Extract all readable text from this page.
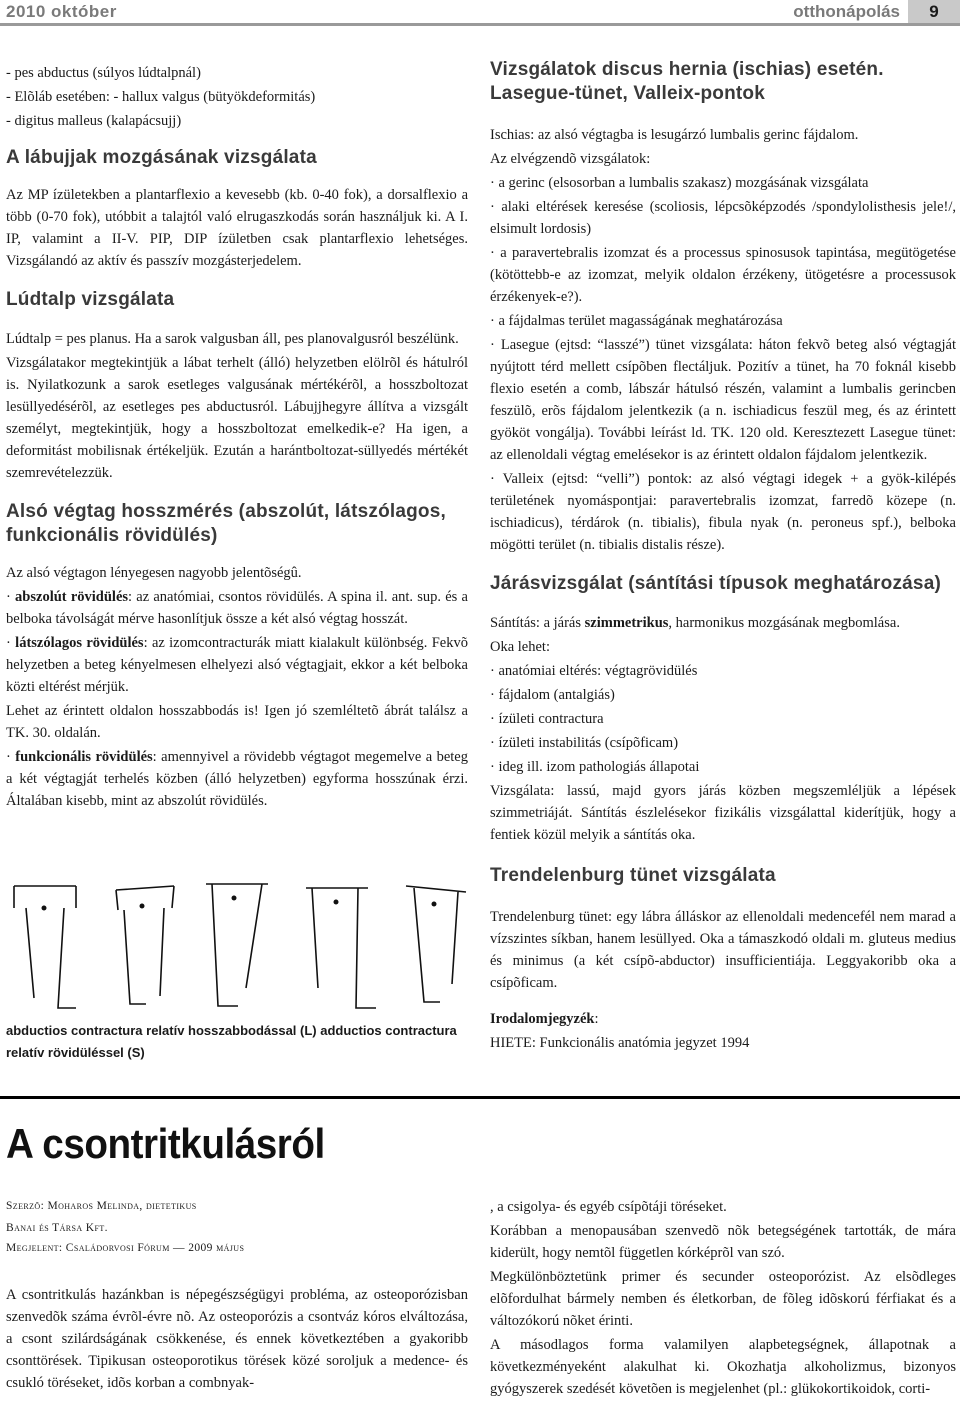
2010 október	otthonápolás	9

- pes abductus (súlyos lúdtalpnál)

- Elõláb esetében: - hallux valgus (bütyökdeformitás)

- digitus malleus (kalapácsujj)

A lábujjak mozgásának vizsgálata

Az MP ízületekben a plantarflexio a kevesebb (kb. 0-40 fok), a dorsalflexio a több (0-70 fok), utóbbit a talajtól való elrugaszkodás során használjuk ki. A I. IP, valamint a II-V. PIP, DIP ízületben csak plantarflexio lehetséges. Vizsgálandó az aktív és passzív mozgásterjedelem.

Lúdtalp vizsgálata

Lúdtalp = pes planus. Ha a sarok valgusban áll, pes planovalgusról beszélünk.

Vizsgálatakor megtekintjük a lábat terhelt (álló) helyzetben elölrõl és hátulról is. Nyilatkozunk a sarok esetleges valgusának mértékérõl, a hosszboltozat lesüllyedésérõl, az esetleges pes abductusról. Lábujjhegyre állítva a vizsgált személyt, megtekintjük, hogy a hosszboltozat emelkedik-e? Ha igen, a deformitást mobilisnak értékeljük. Ezután a harántboltozat-süllyedés mértékét szemrevételezzük.

Alsó végtag hosszmérés (abszolút, látszólagos, funkcionális rövidülés)

Az alsó végtagon lényegesen nagyobb jelentõségû.

· abszolút rövidülés: az anatómiai, csontos rövidülés. A spina il. ant. sup. és a belboka távolságát mérve hasonlítjuk össze a két alsó végtag hosszát.

· látszólagos rövidülés: az izomcontracturák miatt kialakult különbség. Fekvõ helyzetben a beteg kényelmesen elhelyezi alsó végtagjait, ekkor a két belboka közti eltérést mérjük.

Lehet az érintett oldalon hosszabbodás is! Igen jó szemléltetõ ábrát találsz a TK. 30. oldalán.

· funkcionális rövidülés: amennyivel a rövidebb végtagot megemelve a beteg a két végtagját terhelés közben (álló helyzetben) egyforma hosszúnak érzi. Általában kisebb, mint az abszolút rövidülés.

abductios contractura relatív hosszabbodással (L) adductios contractura relatív rövidüléssel (S)
Vizsgálatok discus hernia (ischias) esetén. Lasegue-tünet, Valleix-pontok

Ischias: az alsó végtagba is lesugárzó lumbalis gerinc fájdalom.

Az elvégzendõ vizsgálatok:

· a gerinc (elsosorban a lumbalis szakasz) mozgásának vizsgálata

· alaki eltérések keresése (scoliosis, lépcsõképzodés /spondylolisthesis jele!/, elsimult lordosis)

· a paravertebralis izomzat és a processus spinosusok tapintása, megütögetése (kötöttebb-e az izomzat, melyik oldalon érzékeny, ütögetésre a processusok érzékenyek-e?).

· a fájdalmas terület magasságának meghatározása

· Lasegue (ejtsd: “lasszé”) tünet vizsgálata: háton fekvõ beteg alsó végtagját nyújtott térd mellett csípõben flectáljuk. Pozitív a tünet, ha 70 foknál kisebb flexio esetén a comb, lábszár hátulsó részén, valamint a lumbalis gerincben feszülõ, erõs fájdalom jelentkezik (a n. ischiadicus feszül meg, és az érintett gyököt vongálja). További leírást ld. TK. 120 old. Keresztezett Lasegue tünet: az ellenoldali végtag emelésekor is az érintett oldalon fájdalom jelentkezik.

· Valleix (ejtsd: “velli”) pontok: az alsó végtagi idegek + a gyök-kilépés területének nyomáspontjai: paravertebralis izomzat, farredõ közepe (n. ischiadicus), térdárok (n. tibialis), fibula nyak (n. peroneus spf.), belboka mögötti terület (n. tibialis distalis része).

Járásvizsgálat (sántítási típusok meghatározása)

Sántítás: a járás szimmetrikus, harmonikus mozgásának megbomlása.

Oka lehet:

· anatómiai eltérés: végtagrövidülés

· fájdalom (antalgiás)

· ízületi contractura

· ízületi instabilitás (csípõficam)

· ideg ill. izom pathologiás állapotai

Vizsgálata: lassú, majd gyors járás közben megszemléljük a lépések szimmetriáját. Sántítás észlelésekor fizikális vizsgálattal kiderítjük, hogy a fentiek közül melyik a sántítás oka.

Trendelenburg tünet vizsgálata

Trendelenburg tünet: egy lábra álláskor az ellenoldali medencefél nem marad a vízszintes síkban, hanem lesüllyed. Oka a támaszkodó oldali m. gluteus medius és minimus (a két csípõ-abductor) insufficientiája. Leggyakoribb oka a csípõficam.

Irodalomjegyzék:

HIETE: Funkcionális anatómia jegyzet 1994

A csontritkulásról
Szerzõ: Moharos Melinda, dietetikus
Banai és Társa Kft.
Megjelent: Családorvosi Fórum — 2009 május

A csontritkulás hazánkban is népegészségügyi probléma, az osteoporózisban szenvedõk száma évrõl-évre nõ. Az osteoporózis a csontváz kóros elváltozása, a csont szilárdságának csökkenése, és ennek következtében a gyakoribb csonttörések. Tipikusan osteoporotikus törések közé soroljuk a medence- és csukló töréseket, idõs korban a combnyak-

, a csigolya- és egyéb csípõtáji töréseket.

Korábban a menopausában szenvedõ nõk betegségének tartották, de mára kiderült, hogy nemtõl független kórképrõl van szó.

Megkülönböztetünk primer és secunder osteoporózist. Az elsõdleges elõfordulhat bármely nemben és életkorban, de fõleg idõskorú férfiakat és a változókorú nõket érinti.

A másodlagos forma valamilyen alapbetegségnek, állapotnak a következményeként alakulhat ki. Okozhatja alkoholizmus, bizonyos gyógyszerek szedését követõen is megjelenhet (pl.: glükokortikoidok, corti-
